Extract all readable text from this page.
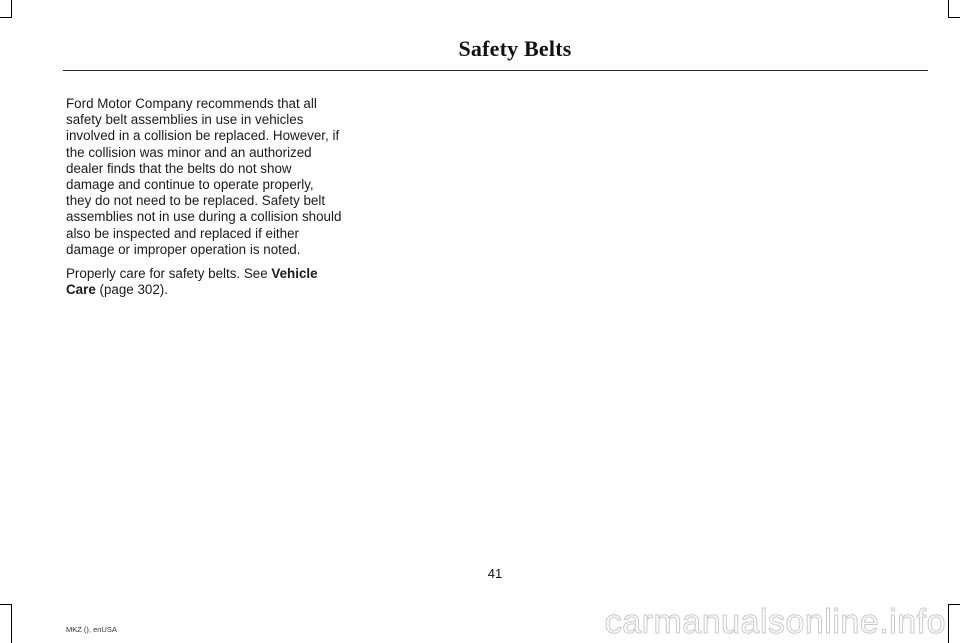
Safety Belts

Ford Motor Company recommends that all safety belt assemblies in use in vehicles involved in a collision be replaced. However, if the collision was minor and an authorized dealer finds that the belts do not show damage and continue to operate properly, they do not need to be replaced. Safety belt assemblies not in use during a collision should also be inspected and replaced if either damage or improper operation is noted.

Properly care for safety belts. See Vehicle Care (page 302).

41
MKZ (), enUSA	carmanualsonline.info
